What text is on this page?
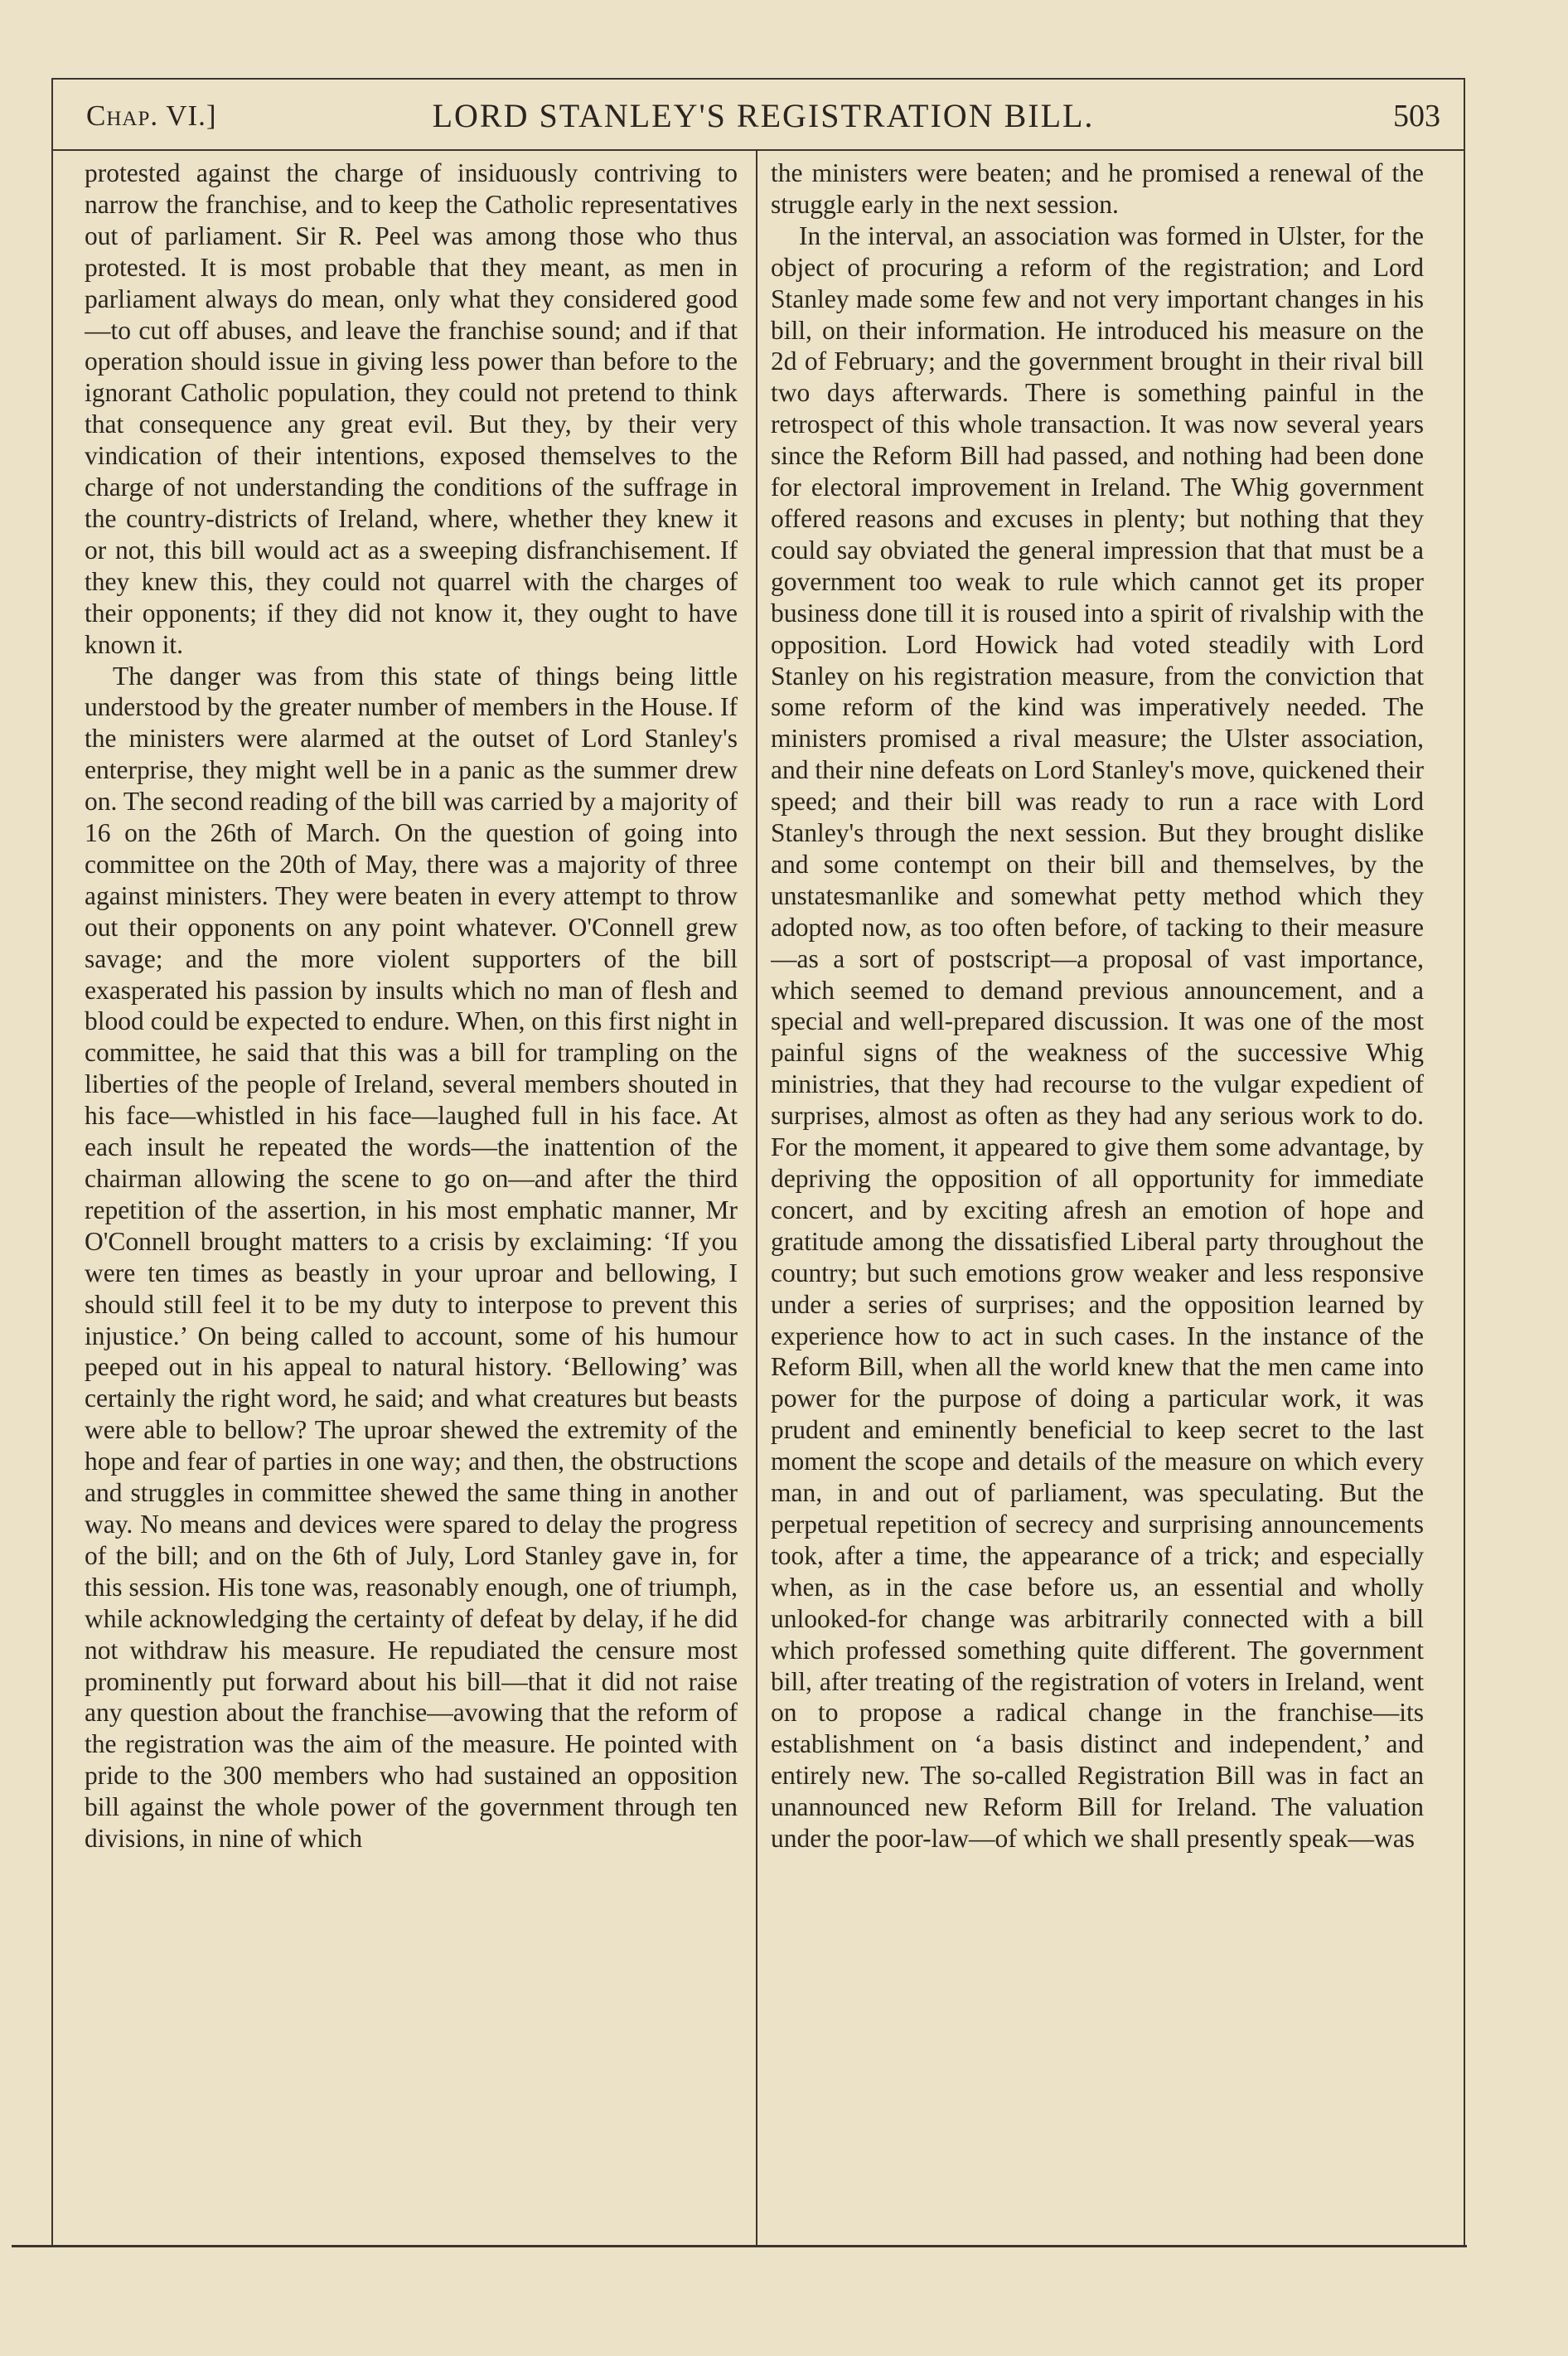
Chap. VI.]	LORD STANLEY'S REGISTRATION BILL.	503

protested against the charge of insiduously contriving to narrow the franchise, and to keep the Catholic representatives out of parliament. Sir R. Peel was among those who thus protested. It is most probable that they meant, as men in parliament always do mean, only what they considered good—to cut off abuses, and leave the franchise sound; and if that operation should issue in giving less power than before to the ignorant Catholic population, they could not pretend to think that consequence any great evil. But they, by their very vindication of their intentions, exposed themselves to the charge of not understanding the conditions of the suffrage in the country-districts of Ireland, where, whether they knew it or not, this bill would act as a sweeping disfranchisement. If they knew this, they could not quarrel with the charges of their opponents; if they did not know it, they ought to have known it.

The danger was from this state of things being little understood by the greater number of members in the House. If the ministers were alarmed at the outset of Lord Stanley's enterprise, they might well be in a panic as the summer drew on. The second reading of the bill was carried by a majority of 16 on the 26th of March. On the question of going into committee on the 20th of May, there was a majority of three against ministers. They were beaten in every attempt to throw out their opponents on any point whatever. O'Connell grew savage; and the more violent supporters of the bill exasperated his passion by insults which no man of flesh and blood could be expected to endure. When, on this first night in committee, he said that this was a bill for trampling on the liberties of the people of Ireland, several members shouted in his face—whistled in his face—laughed full in his face. At each insult he repeated the words—the inattention of the chairman allowing the scene to go on—and after the third repetition of the assertion, in his most emphatic manner, Mr O'Connell brought matters to a crisis by exclaiming: ‘If you were ten times as beastly in your uproar and bellowing, I should still feel it to be my duty to interpose to prevent this injustice.’ On being called to account, some of his humour peeped out in his appeal to natural history. ‘Bellowing’ was certainly the right word, he said; and what creatures but beasts were able to bellow? The uproar shewed the extremity of the hope and fear of parties in one way; and then, the obstructions and struggles in committee shewed the same thing in another way. No means and devices were spared to delay the progress of the bill; and on the 6th of July, Lord Stanley gave in, for this session. His tone was, reasonably enough, one of triumph, while acknowledging the certainty of defeat by delay, if he did not withdraw his measure. He repudiated the censure most prominently put forward about his bill—that it did not raise any question about the franchise—avowing that the reform of the registration was the aim of the measure. He pointed with pride to the 300 members who had sustained an opposition bill against the whole power of the government through ten divisions, in nine of which

the ministers were beaten; and he promised a renewal of the struggle early in the next session.

In the interval, an association was formed in Ulster, for the object of procuring a reform of the registration; and Lord Stanley made some few and not very important changes in his bill, on their information. He introduced his measure on the 2d of February; and the government brought in their rival bill two days afterwards. There is something painful in the retrospect of this whole transaction. It was now several years since the Reform Bill had passed, and nothing had been done for electoral improvement in Ireland. The Whig government offered reasons and excuses in plenty; but nothing that they could say obviated the general impression that that must be a government too weak to rule which cannot get its proper business done till it is roused into a spirit of rivalship with the opposition. Lord Howick had voted steadily with Lord Stanley on his registration measure, from the conviction that some reform of the kind was imperatively needed. The ministers promised a rival measure; the Ulster association, and their nine defeats on Lord Stanley's move, quickened their speed; and their bill was ready to run a race with Lord Stanley's through the next session. But they brought dislike and some contempt on their bill and themselves, by the unstatesmanlike and somewhat petty method which they adopted now, as too often before, of tacking to their measure—as a sort of postscript—a proposal of vast importance, which seemed to demand previous announcement, and a special and well-prepared discussion. It was one of the most painful signs of the weakness of the successive Whig ministries, that they had recourse to the vulgar expedient of surprises, almost as often as they had any serious work to do. For the moment, it appeared to give them some advantage, by depriving the opposition of all opportunity for immediate concert, and by exciting afresh an emotion of hope and gratitude among the dissatisfied Liberal party throughout the country; but such emotions grow weaker and less responsive under a series of surprises; and the opposition learned by experience how to act in such cases. In the instance of the Reform Bill, when all the world knew that the men came into power for the purpose of doing a particular work, it was prudent and eminently beneficial to keep secret to the last moment the scope and details of the measure on which every man, in and out of parliament, was speculating. But the perpetual repetition of secrecy and surprising announcements took, after a time, the appearance of a trick; and especially when, as in the case before us, an essential and wholly unlooked-for change was arbitrarily connected with a bill which professed something quite different. The government bill, after treating of the registration of voters in Ireland, went on to propose a radical change in the franchise—its establishment on ‘a basis distinct and independent,’ and entirely new. The so-called Registration Bill was in fact an unannounced new Reform Bill for Ireland. The valuation under the poor-law—of which we shall presently speak—was
